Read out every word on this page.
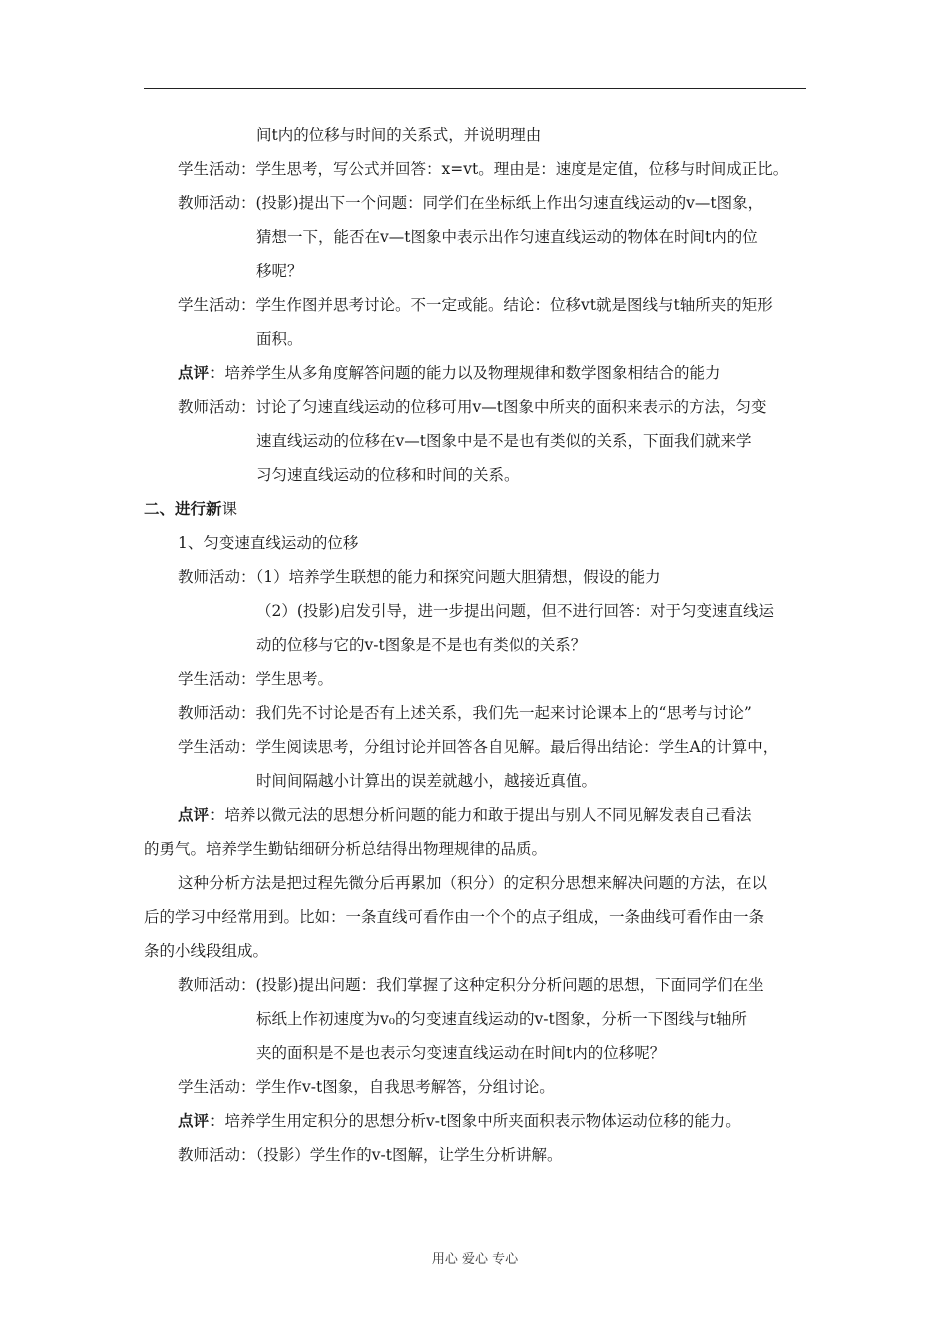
间t内的位移与时间的关系式，并说明理由
学生活动：学生思考，写公式并回答：x=vt。理由是：速度是定值，位移与时间成正比。
教师活动：(投影)提出下一个问题：同学们在坐标纸上作出匀速直线运动的v—t图象，
猜想一下，能否在v—t图象中表示出作匀速直线运动的物体在时间t内的位
移呢？
学生活动：学生作图并思考讨论。不一定或能。结论：位移vt就是图线与t轴所夹的矩形
面积。
点评：培养学生从多角度解答问题的能力以及物理规律和数学图象相结合的能力
教师活动：讨论了匀速直线运动的位移可用v—t图象中所夹的面积来表示的方法，匀变
速直线运动的位移在v—t图象中是不是也有类似的关系，下面我们就来学
习匀速直线运动的位移和时间的关系。
二、进行新课
1、匀变速直线运动的位移
教师活动：（1）培养学生联想的能力和探究问题大胆猜想，假设的能力
（2）(投影)启发引导，进一步提出问题，但不进行回答：对于匀变速直线运
动的位移与它的v-t图象是不是也有类似的关系？
学生活动：学生思考。
教师活动：我们先不讨论是否有上述关系，我们先一起来讨论课本上的“思考与讨论”
学生活动：学生阅读思考，分组讨论并回答各自见解。最后得出结论：学生A的计算中，
时间间隔越小计算出的误差就越小，越接近真值。
点评：培养以微元法的思想分析问题的能力和敢于提出与别人不同见解发表自己看法
的勇气。培养学生勤钻细研分析总结得出物理规律的品质。
这种分析方法是把过程先微分后再累加（积分）的定积分思想来解决问题的方法，在以
后的学习中经常用到。比如：一条直线可看作由一个个的点子组成，一条曲线可看作由一条
条的小线段组成。
教师活动：(投影)提出问题：我们掌握了这种定积分分析问题的思想，下面同学们在坐
标纸上作初速度为v₀的匀变速直线运动的v-t图象，分析一下图线与t轴所
夹的面积是不是也表示匀变速直线运动在时间t内的位移呢？
学生活动：学生作v-t图象，自我思考解答，分组讨论。
点评：培养学生用定积分的思想分析v-t图象中所夹面积表示物体运动位移的能力。
教师活动：（投影）学生作的v-t图解，让学生分析讲解。
用心 爱心 专心
